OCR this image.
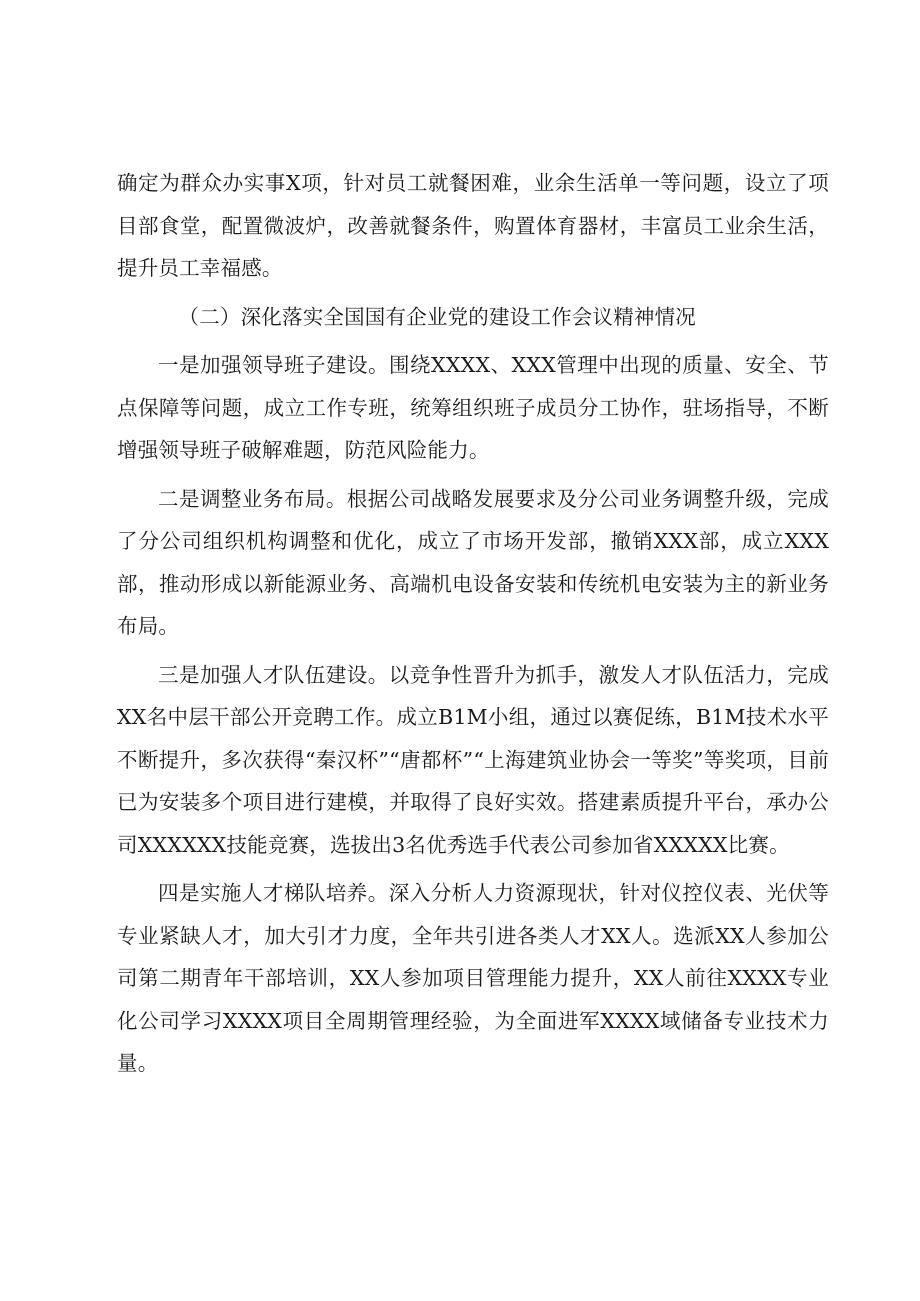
确定为群众办实事X项，针对员工就餐困难，业余生活单一等问题，设立了项目部食堂，配置微波炉，改善就餐条件，购置体育器材，丰富员工业余生活，提升员工幸福感。

（二）深化落实全国国有企业党的建设工作会议精神情况

一是加强领导班子建设。围绕XXXX、XXX管理中出现的质量、安全、节点保障等问题，成立工作专班，统筹组织班子成员分工协作，驻场指导，不断增强领导班子破解难题，防范风险能力。

二是调整业务布局。根据公司战略发展要求及分公司业务调整升级，完成了分公司组织机构调整和优化，成立了市场开发部，撤销XXX部，成立XXX部，推动形成以新能源业务、高端机电设备安装和传统机电安装为主的新业务布局。

三是加强人才队伍建设。以竞争性晋升为抓手，激发人才队伍活力，完成XX名中层干部公开竞聘工作。成立B1M小组，通过以赛促练，B1M技术水平不断提升，多次获得“秦汉杯”“唐都杯”“上海建筑业协会一等奖”等奖项，目前已为安装多个项目进行建模，并取得了良好实效。搭建素质提升平台，承办公司XXXXXX技能竞赛，选拔出3名优秀选手代表公司参加省XXXXX比赛。

四是实施人才梯队培养。深入分析人力资源现状，针对仪控仪表、光伏等专业紧缺人才，加大引才力度，全年共引进各类人才XX人。选派XX人参加公司第二期青年干部培训，XX人参加项目管理能力提升，XX人前往XXXX专业化公司学习XXXX项目全周期管理经验，为全面进军XXXX域储备专业技术力量。
